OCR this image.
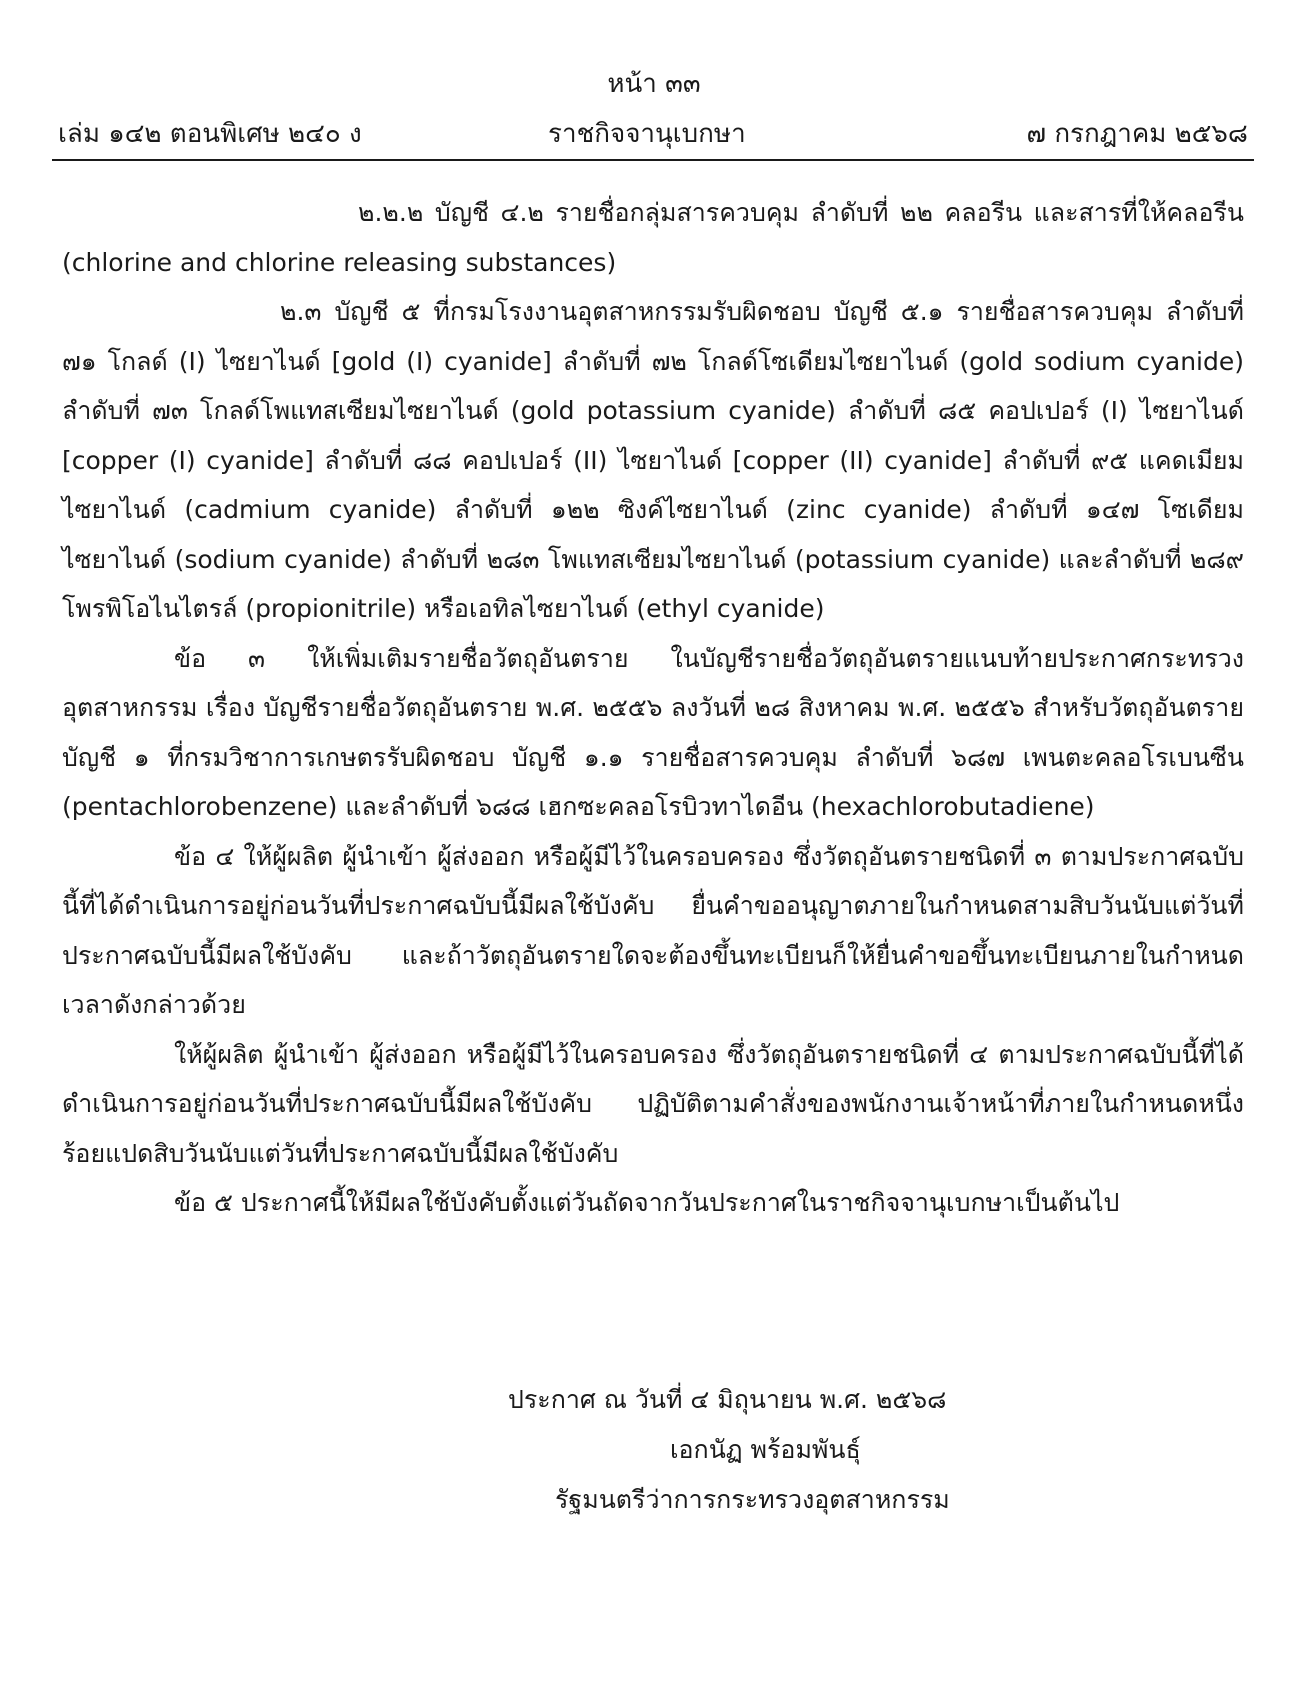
หน้า ๓๓
เล่ม ๑๔๒ ตอนพิเศษ ๒๔๐ ง	ราชกิจจานุเบกษา	๗ กรกฎาคม ๒๕๖๘

๒.๒.๒ บัญชี ๔.๒ รายชื่อกลุ่มสารควบคุม ลำดับที่ ๒๒ คลอรีน และสารที่ให้คลอรีน (chlorine and chlorine releasing substances)

๒.๓ บัญชี ๕ ที่กรมโรงงานอุตสาหกรรมรับผิดชอบ บัญชี ๕.๑ รายชื่อสารควบคุม ลำดับที่ ๗๑ โกลด์ (I) ไซยาไนด์ [gold (I) cyanide] ลำดับที่ ๗๒ โกลด์โซเดียมไซยาไนด์ (gold sodium cyanide) ลำดับที่ ๗๓ โกลด์โพแทสเซียมไซยาไนด์ (gold potassium cyanide) ลำดับที่ ๘๕ คอปเปอร์ (I) ไซยาไนด์ [copper (I) cyanide] ลำดับที่ ๘๘ คอปเปอร์ (II) ไซยาไนด์ [copper (II) cyanide] ลำดับที่ ๙๕ แคดเมียมไซยาไนด์ (cadmium cyanide) ลำดับที่ ๑๒๒ ซิงค์ไซยาไนด์ (zinc cyanide) ลำดับที่ ๑๔๗ โซเดียมไซยาไนด์ (sodium cyanide) ลำดับที่ ๒๘๓ โพแทสเซียมไซยาไนด์ (potassium cyanide) และลำดับที่ ๒๘๙ โพรพิโอไนไตรล์ (propionitrile) หรือเอทิลไซยาไนด์ (ethyl cyanide)

ข้อ ๓ ให้เพิ่มเติมรายชื่อวัตถุอันตราย ในบัญชีรายชื่อวัตถุอันตรายแนบท้ายประกาศกระทรวงอุตสาหกรรม เรื่อง บัญชีรายชื่อวัตถุอันตราย พ.ศ. ๒๕๕๖ ลงวันที่ ๒๘ สิงหาคม พ.ศ. ๒๕๕๖ สำหรับวัตถุอันตราย บัญชี ๑ ที่กรมวิชาการเกษตรรับผิดชอบ บัญชี ๑.๑ รายชื่อสารควบคุม ลำดับที่ ๖๘๗ เพนตะคลอโรเบนซีน (pentachlorobenzene) และลำดับที่ ๖๘๘ เฮกซะคลอโรบิวทาไดอีน (hexachlorobutadiene)

ข้อ ๔ ให้ผู้ผลิต ผู้นำเข้า ผู้ส่งออก หรือผู้มีไว้ในครอบครอง ซึ่งวัตถุอันตรายชนิดที่ ๓ ตามประกาศฉบับนี้ที่ได้ดำเนินการอยู่ก่อนวันที่ประกาศฉบับนี้มีผลใช้บังคับ ยื่นคำขออนุญาตภายในกำหนดสามสิบวันนับแต่วันที่ประกาศฉบับนี้มีผลใช้บังคับ และถ้าวัตถุอันตรายใดจะต้องขึ้นทะเบียนก็ให้ยื่นคำขอขึ้นทะเบียนภายในกำหนดเวลาดังกล่าวด้วย

ให้ผู้ผลิต ผู้นำเข้า ผู้ส่งออก หรือผู้มีไว้ในครอบครอง ซึ่งวัตถุอันตรายชนิดที่ ๔ ตามประกาศฉบับนี้ที่ได้ดำเนินการอยู่ก่อนวันที่ประกาศฉบับนี้มีผลใช้บังคับ ปฏิบัติตามคำสั่งของพนักงานเจ้าหน้าที่ภายในกำหนดหนึ่งร้อยแปดสิบวันนับแต่วันที่ประกาศฉบับนี้มีผลใช้บังคับ

ข้อ ๕ ประกาศนี้ให้มีผลใช้บังคับตั้งแต่วันถัดจากวันประกาศในราชกิจจานุเบกษาเป็นต้นไป

ประกาศ ณ วันที่ ๔ มิถุนายน พ.ศ. ๒๕๖๘
เอกนัฏ พร้อมพันธุ์
รัฐมนตรีว่าการกระทรวงอุตสาหกรรม
